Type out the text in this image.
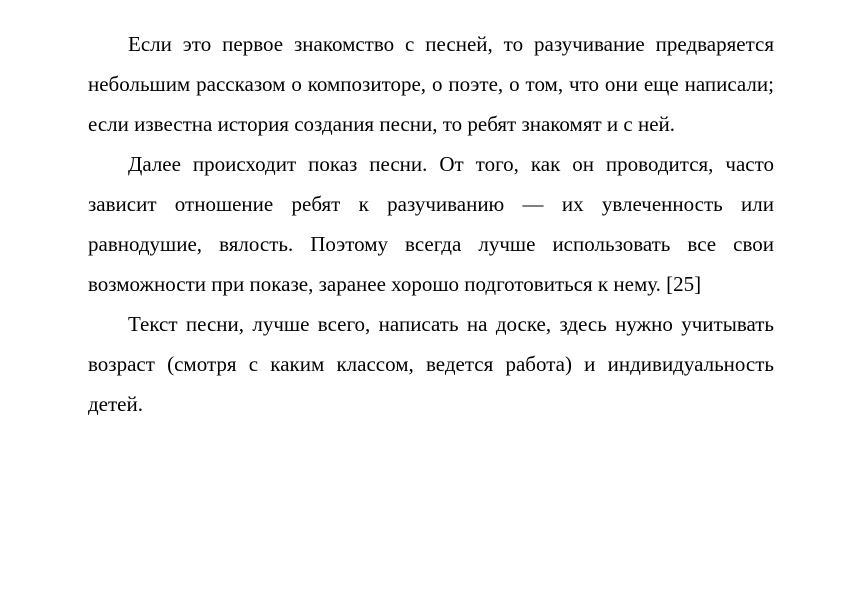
Если это первое знакомство с песней, то разучивание предваряется небольшим рассказом о композиторе, о поэте, о том, что они еще написали; если известна история создания песни, то ребят знакомят и с ней.

Далее происходит показ песни. От того, как он проводится, часто зависит отношение ребят к разучиванию — их увлеченность или равнодушие, вялость. Поэтому всегда лучше использовать все свои возможности при показе, заранее хорошо подготовиться к нему. [25]

Текст песни, лучше всего, написать на доске, здесь нужно учитывать возраст (смотря с каким классом, ведется работа) и индивидуальность детей.
